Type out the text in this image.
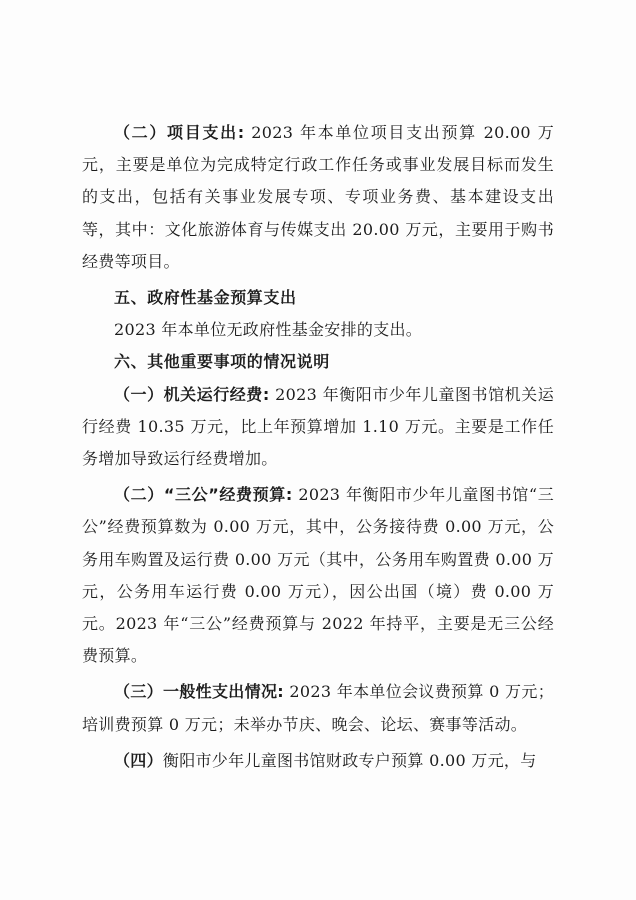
（二）项目支出: 2023 年本单位项目支出预算 20.00 万元，主要是单位为完成特定行政工作任务或事业发展目标而发生的支出，包括有关事业发展专项、专项业务费、基本建设支出等，其中：文化旅游体育与传媒支出 20.00 万元，主要用于购书经费等项目。

五、政府性基金预算支出

2023 年本单位无政府性基金安排的支出。

六、其他重要事项的情况说明

（一）机关运行经费: 2023 年衡阳市少年儿童图书馆机关运行经费 10.35 万元，比上年预算增加 1.10 万元。主要是工作任务增加导致运行经费增加。

（二）“三公”经费预算: 2023 年衡阳市少年儿童图书馆“三公”经费预算数为 0.00 万元，其中，公务接待费 0.00 万元，公务用车购置及运行费 0.00 万元（其中，公务用车购置费 0.00 万元，公务用车运行费 0.00 万元），因公出国（境）费 0.00 万元。2023 年“三公”经费预算与 2022 年持平，主要是无三公经费预算。

（三）一般性支出情况: 2023 年本单位会议费预算 0 万元；培训费预算 0 万元；未举办节庆、晚会、论坛、赛事等活动。

（四）衡阳市少年儿童图书馆财政专户预算 0.00 万元，与
